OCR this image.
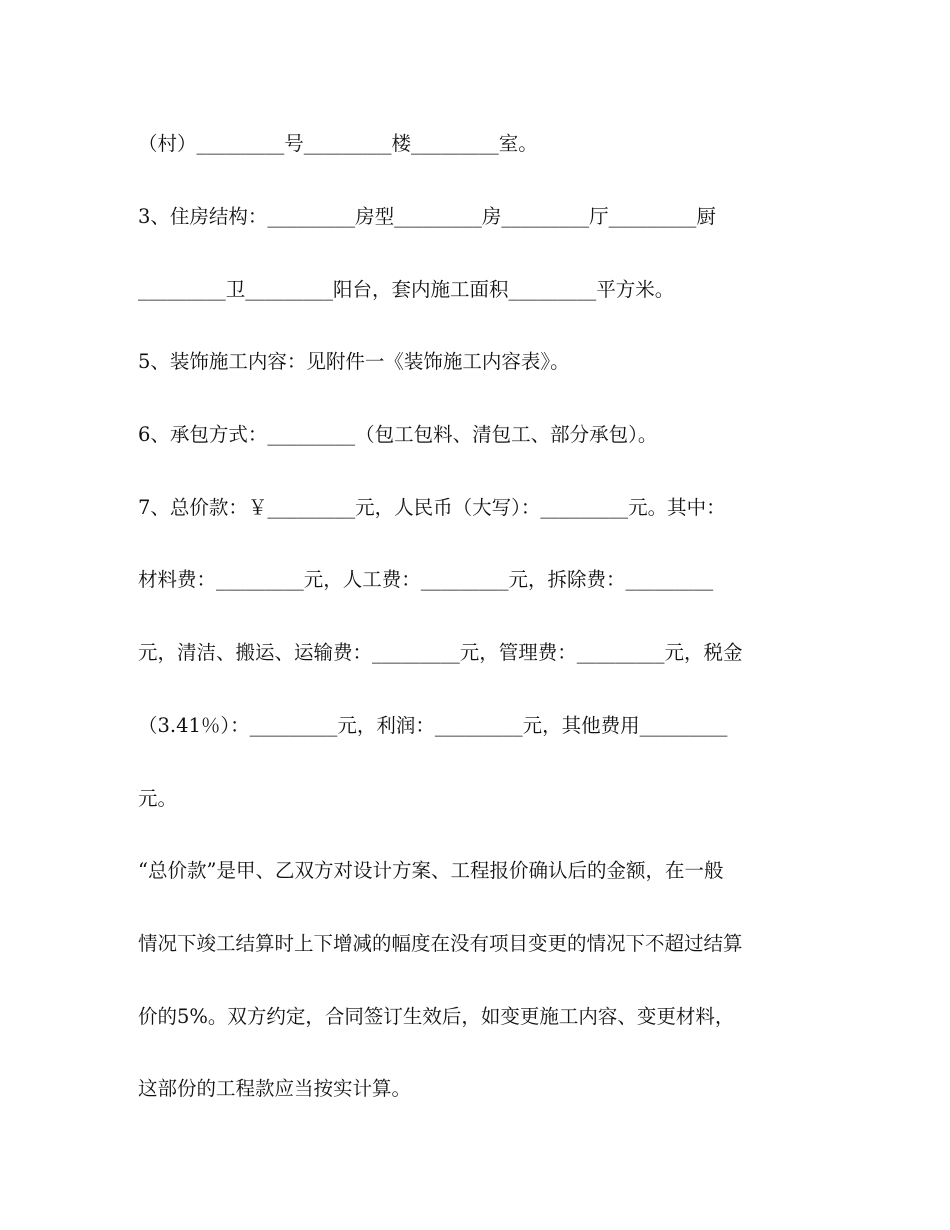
（村）_________号_________楼_________室。

3、住房结构：_________房型_________房_________厅_________厨

_________卫_________阳台，套内施工面积_________平方米。

5、装饰施工内容：见附件一《装饰施工内容表》。

6、承包方式：_________（包工包料、清包工、部分承包）。

7、总价款：￥_________元，人民币（大写）：_________元。其中：

材料费：_________元，人工费：_________元，拆除费：_________

元，清洁、搬运、运输费：_________元，管理费：_________元，税金

（3.41％）：_________元，利润：_________元，其他费用_________

元。

“总价款”是甲、乙双方对设计方案、工程报价确认后的金额，在一般

情况下竣工结算时上下增减的幅度在没有项目变更的情况下不超过结算

价的5%。双方约定，合同签订生效后，如变更施工内容、变更材料，

这部份的工程款应当按实计算。
